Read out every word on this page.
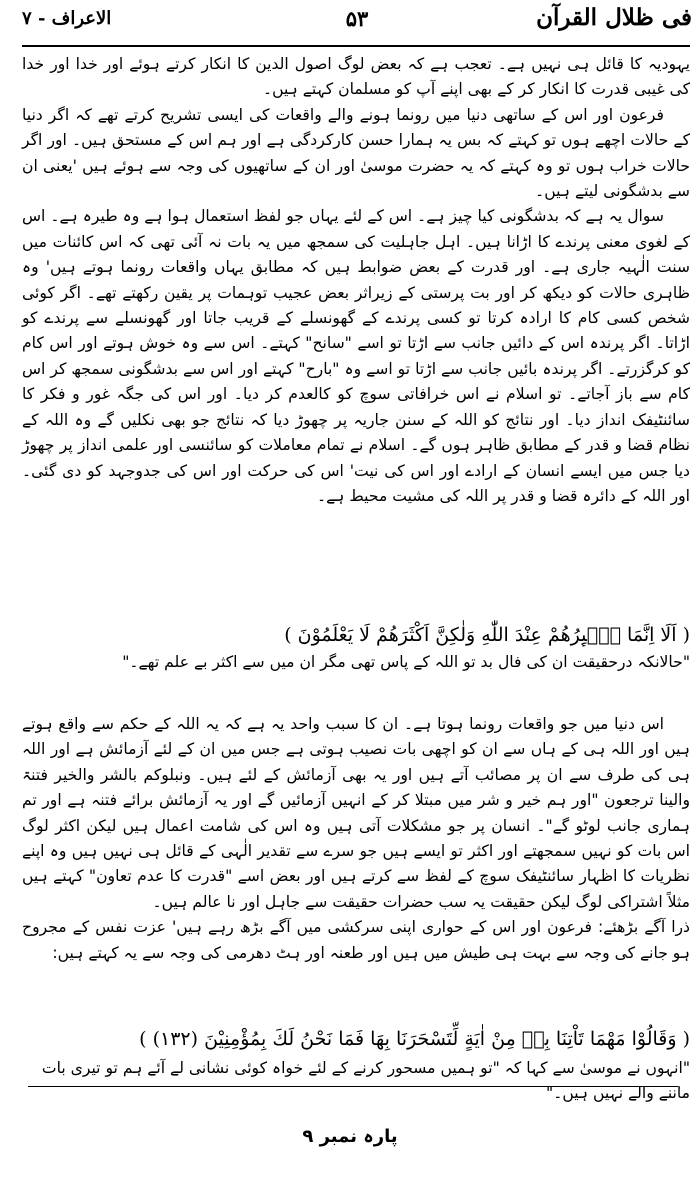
فی ظلال القرآن
۵۳
الاعراف - ۷

یہودیہ کا قائل ہی نہیں ہے۔ تعجب ہے کہ بعض لوگ اصول الدین کا انکار کرتے ہوئے اور خدا اور خدا کی غیبی قدرت کا انکار کر کے بھی اپنے آپ کو مسلمان کہتے ہیں۔

فرعون اور اس کے ساتھی دنیا میں رونما ہونے والے واقعات کی ایسی تشریح کرتے تھے کہ اگر دنیا کے حالات اچھے ہوں تو کہتے کہ بس یہ ہمارا حسن کارکردگی ہے اور ہم اس کے مستحق ہیں۔ اور اگر حالات خراب ہوں تو وہ کہتے کہ یہ حضرت موسیٰ اور ان کے ساتھیوں کی وجہ سے ہوئے ہیں 'یعنی ان سے بدشگونی لیتے ہیں۔

سوال یہ ہے کہ بدشگونی کیا چیز ہے۔ اس کے لئے یہاں جو لفظ استعمال ہوا ہے وہ طیرہ ہے۔ اس کے لغوی معنی پرندے کا اڑانا ہیں۔ اہل جاہلیت کی سمجھ میں یہ بات نہ آئی تھی کہ اس کائنات میں سنت الٰہیہ جاری ہے۔ اور قدرت کے بعض ضوابط ہیں کہ مطابق یہاں واقعات رونما ہوتے ہیں' وہ ظاہری حالات کو دیکھ کر اور بت پرستی کے زیراثر بعض عجیب توہمات پر یقین رکھتے تھے۔ اگر کوئی شخص کسی کام کا ارادہ کرتا تو کسی پرندے کے گھونسلے کے قریب جاتا اور گھونسلے سے پرندے کو اڑاتا۔ اگر پرندہ اس کے دائیں جانب سے اڑتا تو اسے "سانح" کہتے۔ اس سے وہ خوش ہوتے اور اس کام کو کرگزرتے۔ اگر پرندہ بائیں جانب سے اڑتا تو اسے وہ "بارح" کہتے اور اس سے بدشگونی سمجھ کر اس کام سے باز آجاتے۔ تو اسلام نے اس خرافاتی سوچ کو کالعدم کر دیا۔ اور اس کی جگہ غور و فکر کا سائنٹیفک انداز دیا۔ اور نتائج کو اللہ کے سنن جاریہ پر چھوڑ دیا کہ نتائج جو بھی نکلیں گے وہ اللہ کے نظام قضا و قدر کے مطابق ظاہر ہوں گے۔ اسلام نے تمام معاملات کو سائنسی اور علمی انداز پر چھوڑ دیا جس میں ایسے انسان کے ارادے اور اس کی نیت' اس کی حرکت اور اس کی جدوجہد کو دی گئی۔ اور اللہ کے دائرہ قضا و قدر پر اللہ کی مشیت محیط ہے۔

( اَلَا اِنَّمَا طٰۗىِٕرُهُمْ عِنْدَ اللّٰهِ وَلٰكِنَّ اَكْثَرَهُمْ لَا يَعْلَمُوْنَ )
"حالانکہ درحقیقت ان کی فال بد تو اللہ کے پاس تھی مگر ان میں سے اکثر بے علم تھے۔"

اس دنیا میں جو واقعات رونما ہوتا ہے۔ ان کا سبب واحد یہ ہے کہ یہ اللہ کے حکم سے واقع ہوتے ہیں اور اللہ ہی کے ہاں سے ان کو اچھی بات نصیب ہوتی ہے جس میں ان کے لئے آزمائش ہے اور اللہ ہی کی طرف سے ان پر مصائب آتے ہیں اور یہ بھی آزمائش کے لئے ہیں۔ ونبلوکم بالشر والخیر فتنۃ والینا ترجعون "اور ہم خیر و شر میں مبتلا کر کے انہیں آزمائیں گے اور یہ آزمائش برائے فتنہ ہے اور تم ہماری جانب لوٹو گے"۔ انسان پر جو مشکلات آتی ہیں وہ اس کی شامت اعمال ہیں لیکن اکثر لوگ اس بات کو نہیں سمجھتے اور اکثر تو ایسے ہیں جو سرے سے تقدیر الٰہی کے قائل ہی نہیں ہیں وہ اپنے نظریات کا اظہار سائنٹیفک سوچ کے لفظ سے کرتے ہیں اور بعض اسے "قدرت کا عدم تعاون" کہتے ہیں مثلاً اشتراکی لوگ لیکن حقیقت یہ سب حضرات حقیقت سے جاہل اور نا عالم ہیں۔

ذرا آگے بڑھئے: فرعون اور اس کے حواری اپنی سرکشی میں آگے بڑھ رہے ہیں' عزت نفس کے مجروح ہو جانے کی وجہ سے بہت ہی طیش میں ہیں اور طعنہ اور ہٹ دھرمی کی وجہ سے یہ کہتے ہیں:

( وَقَالُوْا مَهْمَا تَاْتِنَا بِهٖ مِنْ اٰيَةٍ لِّتَسْحَرَنَا بِهَا فَمَا نَحْنُ لَكَ بِمُؤْمِنِيْنَ (۱۳۲) )
"انہوں نے موسیٰ سے کہا کہ "تو ہمیں مسحور کرنے کے لئے خواہ کوئی نشانی لے آئے ہم تو تیری بات ماننے والے نہیں ہیں۔"
پارہ نمبر ۹
